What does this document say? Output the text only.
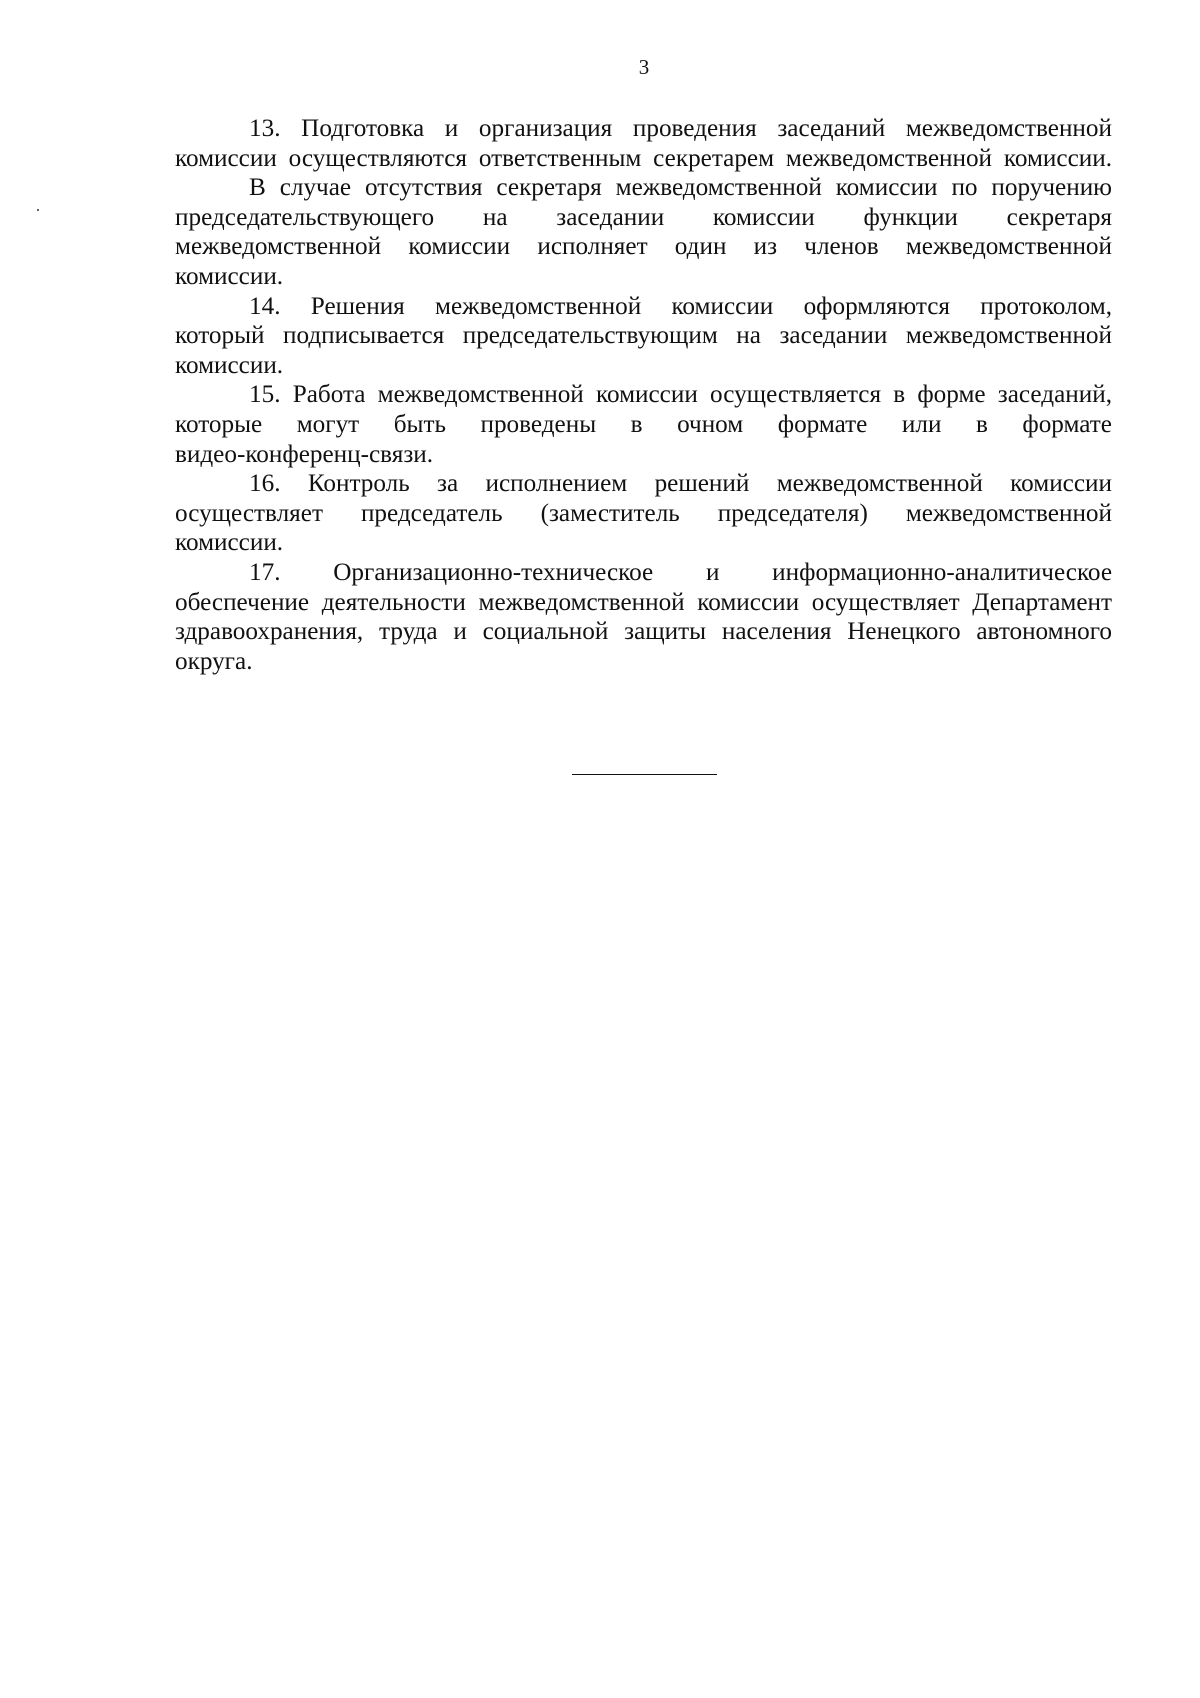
3
13. Подготовка и организация проведения заседаний межведомственной
комиссии осуществляются ответственным секретарем межведомственной комиссии.
В случае отсутствия секретаря межведомственной комиссии по поручению
председательствующего на заседании комиссии функции секретаря
межведомственной комиссии исполняет один из членов межведомственной
комиссии.
14. Решения межведомственной комиссии оформляются протоколом,
который подписывается председательствующим на заседании межведомственной
комиссии.
15. Работа межведомственной комиссии осуществляется в форме заседаний,
которые могут быть проведены в очном формате или в формате
видео-конференц-связи.
16. Контроль за исполнением решений межведомственной комиссии
осуществляет председатель (заместитель председателя) межведомственной
комиссии.
17. Организационно-техническое и информационно-аналитическое
обеспечение деятельности межведомственной комиссии осуществляет Департамент
здравоохранения, труда и социальной защиты населения Ненецкого автономного
округа.
